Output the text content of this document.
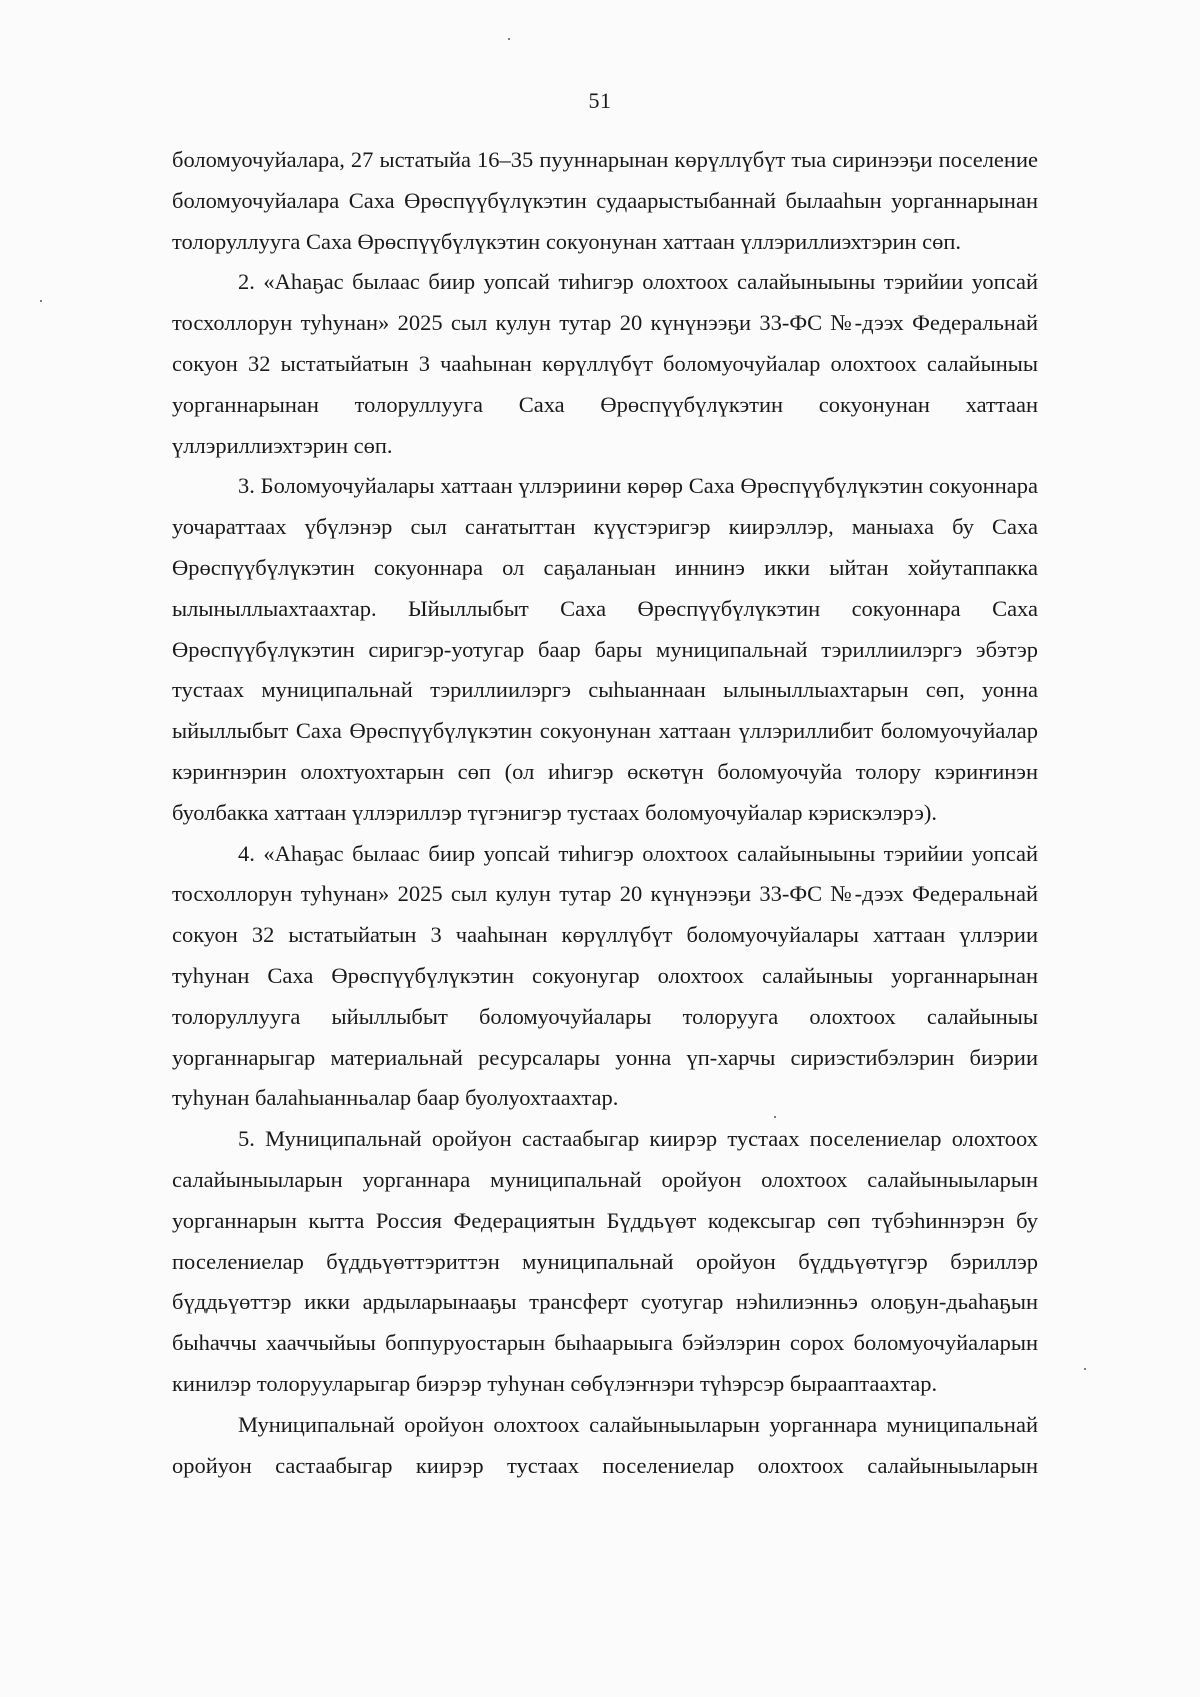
51

боломуочуйалара, 27 ыстатыйа 16–35 пууннарынан көрүллүбүт тыа сиринээҕи поселение боломуочуйалара Саха Өрөспүүбүлүкэтин судаарыстыбаннай былааһын уорганнарынан толоруллууга Саха Өрөспүүбүлүкэтин сокуонунан хаттаан үллэриллиэхтэрин сөп.

2. «Аһаҕас былаас биир уопсай тиһигэр олохтоох салайыныыны тэрийии уопсай тосхоллорун туһунан» 2025 сыл кулун тутар 20 күнүнээҕи 33-ФС №-дээх Федеральнай сокуон 32 ыстатыйатын 3 чааһынан көрүллүбүт боломуочуйалар олохтоох салайыныы уорганнарынан толоруллууга Саха Өрөспүүбүлүкэтин сокуонунан хаттаан үллэриллиэхтэрин сөп.

3. Боломуочуйалары хаттаан үллэриини көрөр Саха Өрөспүүбүлүкэтин сокуоннара уочараттаах үбүлэнэр сыл саҥатыттан күүстэригэр киирэллэр, маныаха бу Саха Өрөспүүбүлүкэтин сокуоннара ол саҕаланыан иннинэ икки ыйтан хойутаппакка ылыныллыахтаахтар. Ыйыллыбыт Саха Өрөспүүбүлүкэтин сокуоннара Саха Өрөспүүбүлүкэтин сиригэр-уотугар баар бары муниципальнай тэриллиилэргэ эбэтэр тустаах муниципальнай тэриллиилэргэ сыһыаннаан ылыныллыахтарын сөп, уонна ыйыллыбыт Саха Өрөспүүбүлүкэтин сокуонунан хаттаан үллэриллибит боломуочуйалар кэриҥнэрин олохтуохтарын сөп (ол иһигэр өскөтүн боломуочуйа толору кэриҥинэн буолбакка хаттаан үллэриллэр түгэнигэр тустаах боломуочуйалар кэрискэлэрэ).

4. «Аһаҕас былаас биир уопсай тиһигэр олохтоох салайыныыны тэрийии уопсай тосхоллорун туһунан» 2025 сыл кулун тутар 20 күнүнээҕи 33-ФС №-дээх Федеральнай сокуон 32 ыстатыйатын 3 чааһынан көрүллүбүт боломуочуйалары хаттаан үллэрии туһунан Саха Өрөспүүбүлүкэтин сокуонугар олохтоох салайыныы уорганнарынан толоруллууга ыйыллыбыт боломуочуйалары толорууга олохтоох салайыныы уорганнарыгар материальнай ресурсалары уонна үп-харчы сириэстибэлэрин биэрии туһунан балаһыанньалар баар буолуохтаахтар.

5. Муниципальнай оройуон састаабыгар киирэр тустаах поселениелар олохтоох салайыныыларын уорганнара муниципальнай оройуон олохтоох салайыныыларын уорганнарын кытта Россия Федерациятын Бүддьүөт кодексыгар сөп түбэһиннэрэн бу поселениелар бүддьүөттэриттэн муниципальнай оройуон бүддьүөтүгэр бэриллэр бүддьүөттэр икки ардыларынааҕы трансферт суотугар нэһилиэнньэ олоҕун-дьаһаҕын быһаччы хааччыйыы боппуруостарын быһаарыыга бэйэлэрин сорох боломуочуйаларын кинилэр толорууларыгар биэрэр туһунан сөбүлэҥнэри түһэрсэр бырааптаахтар.

Муниципальнай оройуон олохтоох салайыныыларын уорганнара муниципальнай оройуон састаабыгар киирэр тустаах поселениелар олохтоох салайыныыларын
